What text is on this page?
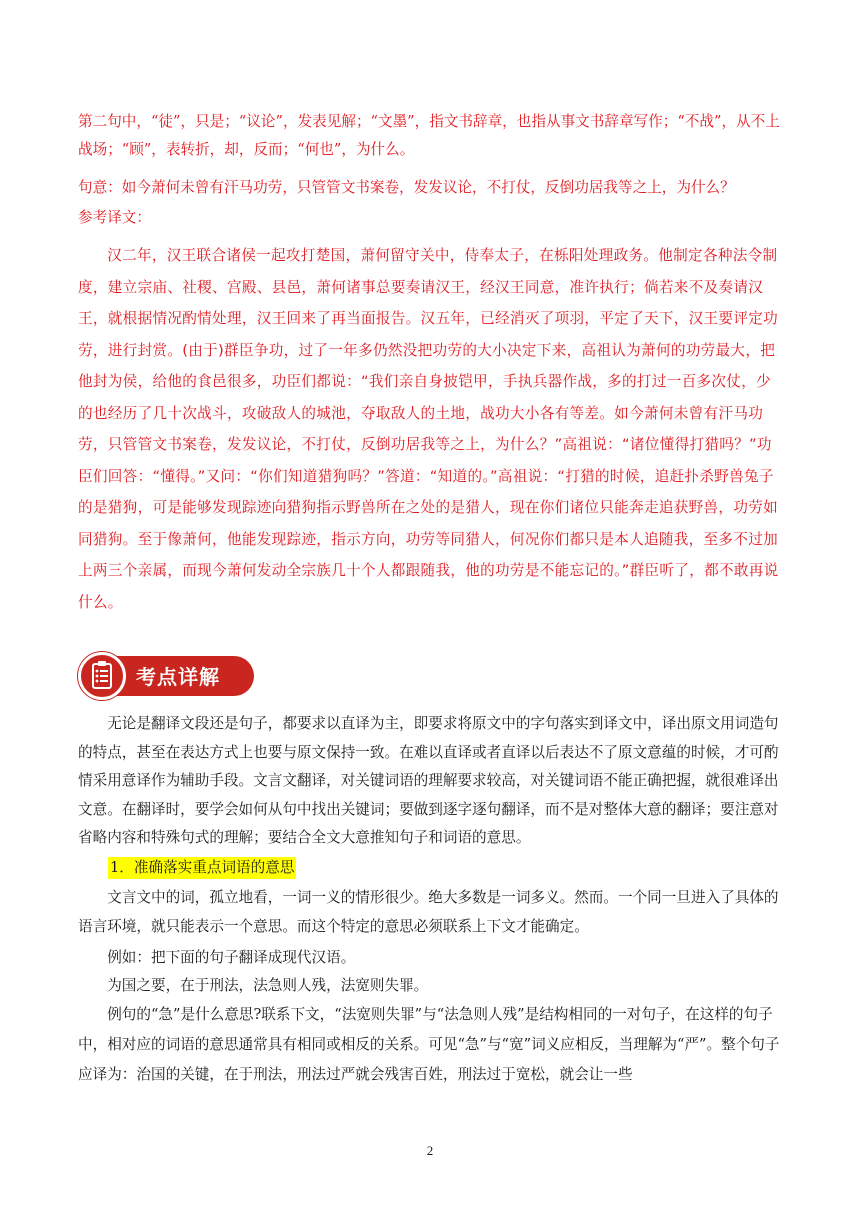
第二句中，“徒”，只是；“议论”，发表见解；“文墨”，指文书辞章，也指从事文书辞章写作；“不战”，从不上战场；“顾”，表转折，却，反而；“何也”，为什么。
句意：如今萧何未曾有汗马功劳，只管管文书案卷，发发议论，不打仗，反倒功居我等之上，为什么？
参考译文：
汉二年，汉王联合诸侯一起攻打楚国，萧何留守关中，侍奉太子，在栎阳处理政务。他制定各种法令制度，建立宗庙、社稷、宫殿、县邑，萧何诸事总要奏请汉王，经汉王同意，准许执行；倘若来不及奏请汉王，就根据情况酌情处理，汉王回来了再当面报告。汉五年，已经消灭了项羽，平定了天下，汉王要评定功劳，进行封赏。(由于)群臣争功，过了一年多仍然没把功劳的大小决定下来，高祖认为萧何的功劳最大，把他封为侯，给他的食邑很多，功臣们都说：“我们亲自身披铠甲，手执兵器作战，多的打过一百多次仗，少的也经历了几十次战斗，攻破敌人的城池，夺取敌人的土地，战功大小各有等差。如今萧何未曾有汗马功劳，只管管文书案卷，发发议论，不打仗，反倒功居我等之上，为什么？”高祖说：“诸位懂得打猎吗？”功臣们回答：“懂得。”又问：“你们知道猎狗吗？”答道：“知道的。”高祖说：“打猎的时候，追赶扑杀野兽兔子的是猎狗，可是能够发现踪迹向猎狗指示野兽所在之处的是猎人，现在你们诸位只能奔走追获野兽，功劳如同猎狗。至于像萧何，他能发现踪迹，指示方向，功劳等同猎人，何况你们都只是本人追随我，至多不过加上两三个亲属，而现今萧何发动全宗族几十个人都跟随我，他的功劳是不能忘记的。”群臣听了，都不敢再说什么。
考点详解
无论是翻译文段还是句子，都要求以直译为主，即要求将原文中的字句落实到译文中，译出原文用词造句的特点，甚至在表达方式上也要与原文保持一致。在难以直译或者直译以后表达不了原文意蕴的时候，才可酌情采用意译作为辅助手段。文言文翻译，对关键词语的理解要求较高，对关键词语不能正确把握，就很难译出文意。在翻译时，要学会如何从句中找出关键词；要做到逐字逐句翻译，而不是对整体大意的翻译；要注意对省略内容和特殊句式的理解；要结合全文大意推知句子和词语的意思。
1．准确落实重点词语的意思
文言文中的词，孤立地看，一词一义的情形很少。绝大多数是一词多义。然而。一个同一旦进入了具体的语言环境，就只能表示一个意思。而这个特定的意思必须联系上下文才能确定。
例如：把下面的句子翻译成现代汉语。
为国之要，在于刑法，法急则人残，法宽则失罪。
例句的“急”是什么意思?联系下文，“法宽则失罪”与“法急则人残”是结构相同的一对句子，在这样的句子中，相对应的词语的意思通常具有相同或相反的关系。可见“急”与“宽”词义应相反，当理解为“严”。整个句子应译为：治国的关键，在于刑法，刑法过严就会残害百姓，刑法过于宽松，就会让一些
2
